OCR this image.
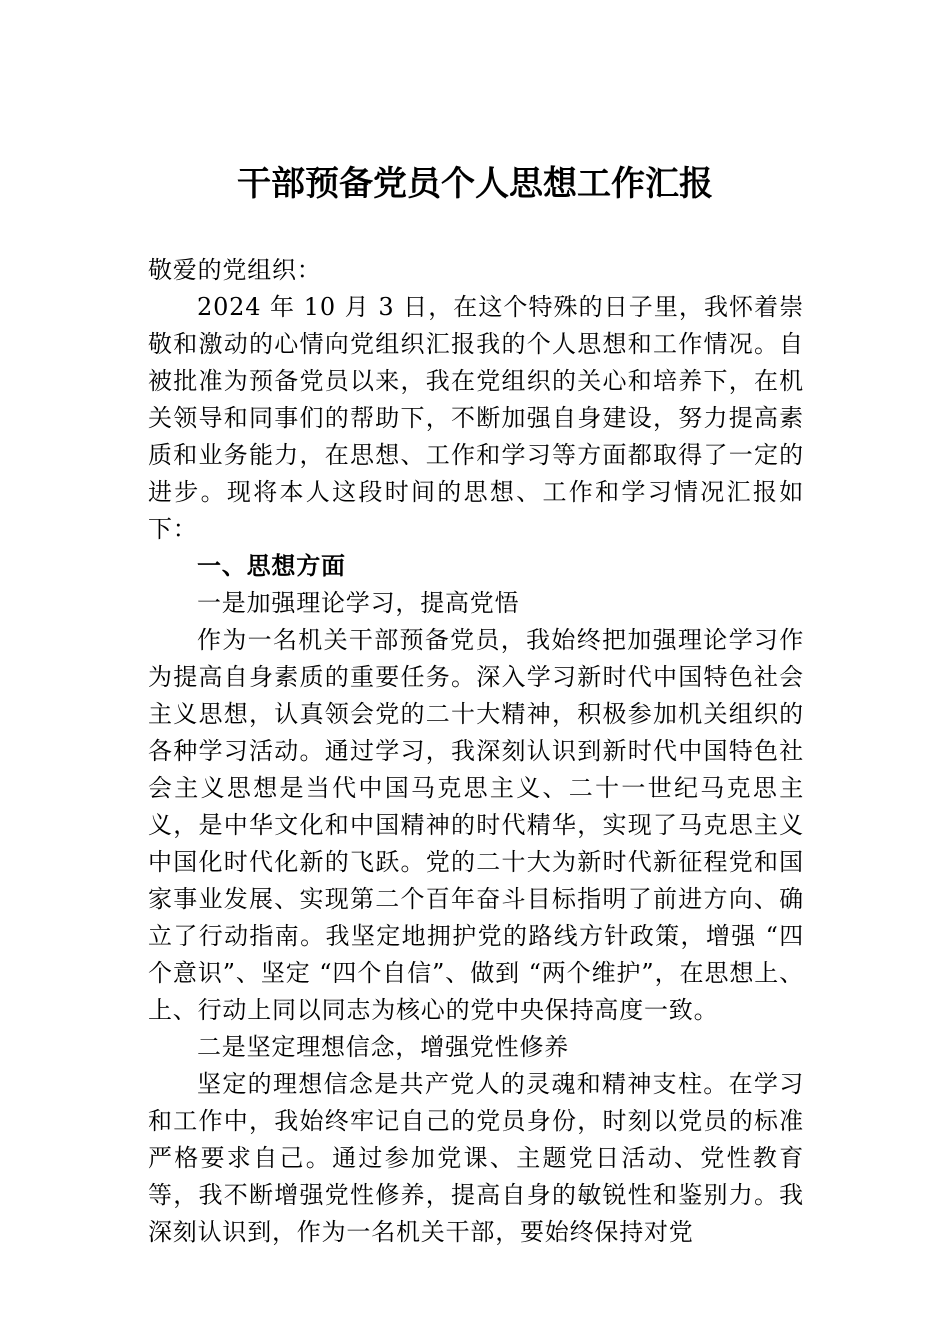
干部预备党员个人思想工作汇报

敬爱的党组织：

2024 年 10 月 3 日，在这个特殊的日子里，我怀着崇敬和激动的心情向党组织汇报我的个人思想和工作情况。自被批准为预备党员以来，我在党组织的关心和培养下，在机关领导和同事们的帮助下，不断加强自身建设，努力提高素质和业务能力，在思想、工作和学习等方面都取得了一定的进步。现将本人这段时间的思想、工作和学习情况汇报如下：

一、思想方面

一是加强理论学习，提高党悟

作为一名机关干部预备党员，我始终把加强理论学习作为提高自身素质的重要任务。深入学习新时代中国特色社会主义思想，认真领会党的二十大精神，积极参加机关组织的各种学习活动。通过学习，我深刻认识到新时代中国特色社会主义思想是当代中国马克思主义、二十一世纪马克思主义，是中华文化和中国精神的时代精华，实现了马克思主义中国化时代化新的飞跃。党的二十大为新时代新征程党和国家事业发展、实现第二个百年奋斗目标指明了前进方向、确立了行动指南。我坚定地拥护党的路线方针政策，增强 “四个意识”、坚定 “四个自信”、做到 “两个维护”，在思想上、上、行动上同以同志为核心的党中央保持高度一致。

二是坚定理想信念，增强党性修养

坚定的理想信念是共产党人的灵魂和精神支柱。在学习和工作中，我始终牢记自己的党员身份，时刻以党员的标准严格要求自己。通过参加党课、主题党日活动、党性教育等，我不断增强党性修养，提高自身的敏锐性和鉴别力。我深刻认识到，作为一名机关干部，要始终保持对党
